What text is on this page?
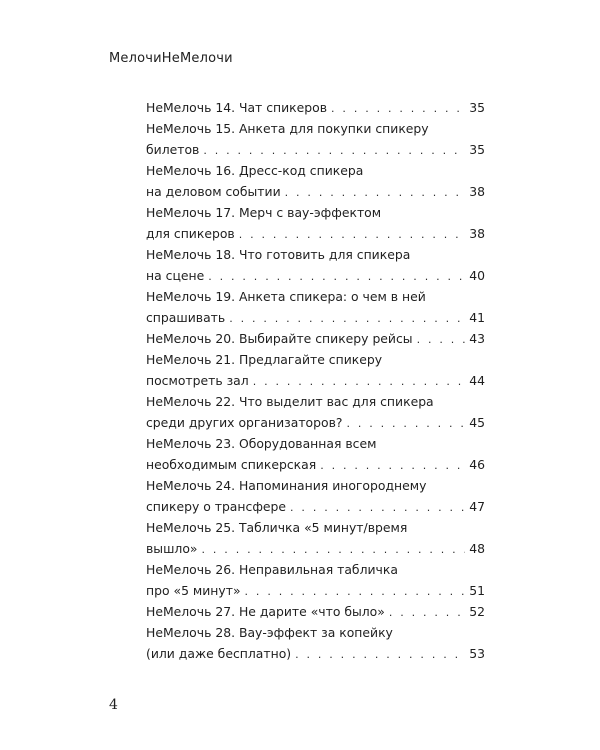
МелочиНеМелочи
НеМелочь 14. Чат спикеров . . .	35
НеМелочь 15. Анкета для покупки спикеру
билетов . . .	35
НеМелочь 16. Дресс-код спикера
на деловом событии . . .	38
НеМелочь 17. Мерч с вау-эффектом
для спикеров . . .	38
НеМелочь 18. Что готовить для спикера
на сцене . . .	40
НеМелочь 19. Анкета спикера: о чем в ней
спрашивать . . .	41
НеМелочь 20. Выбирайте спикеру рейсы . . .	43
НеМелочь 21. Предлагайте спикеру
посмотреть зал . . .	44
НеМелочь 22. Что выделит вас для спикера
среди других организаторов? . . .	45
НеМелочь 23. Оборудованная всем
необходимым спикерская . . .	46
НеМелочь 24. Напоминания иногороднему
спикеру о трансфере . . .	47
НеМелочь 25. Табличка «5 минут/время
вышло» . . .	48
НеМелочь 26. Неправильная табличка
про «5 минут» . . .	51
НеМелочь 27. Не дарите «что было» . . .	52
НеМелочь 28. Вау-эффект за копейку
(или даже бесплатно) . . .	53
4
